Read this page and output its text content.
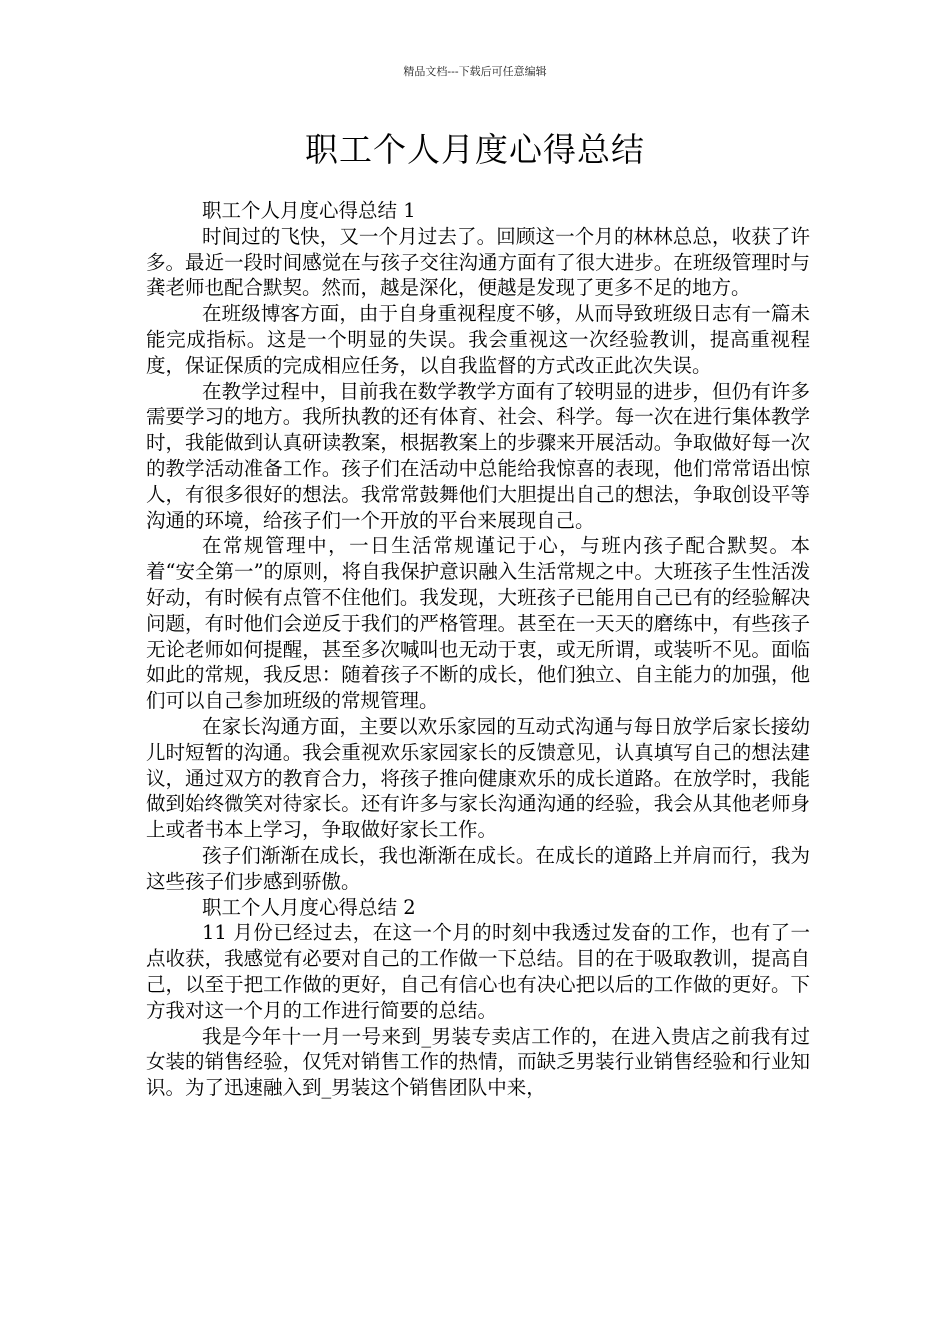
精品文档---下载后可任意编辑
职工个人月度心得总结

职工个人月度心得总结 1

时间过的飞快，又一个月过去了。回顾这一个月的林林总总，收获了许多。最近一段时间感觉在与孩子交往沟通方面有了很大进步。在班级管理时与龚老师也配合默契。然而，越是深化，便越是发现了更多不足的地方。

在班级博客方面，由于自身重视程度不够，从而导致班级日志有一篇未能完成指标。这是一个明显的失误。我会重视这一次经验教训，提高重视程度，保证保质的完成相应任务，以自我监督的方式改正此次失误。

在教学过程中，目前我在数学教学方面有了较明显的进步，但仍有许多需要学习的地方。我所执教的还有体育、社会、科学。每一次在进行集体教学时，我能做到认真研读教案，根据教案上的步骤来开展活动。争取做好每一次的教学活动准备工作。孩子们在活动中总能给我惊喜的表现，他们常常语出惊人，有很多很好的想法。我常常鼓舞他们大胆提出自己的想法，争取创设平等沟通的环境，给孩子们一个开放的平台来展现自己。

在常规管理中，一日生活常规谨记于心，与班内孩子配合默契。本着“安全第一”的原则，将自我保护意识融入生活常规之中。大班孩子生性活泼好动，有时候有点管不住他们。我发现，大班孩子已能用自己已有的经验解决问题，有时他们会逆反于我们的严格管理。甚至在一天天的磨练中，有些孩子无论老师如何提醒，甚至多次喊叫也无动于衷，或无所谓，或装听不见。面临如此的常规，我反思：随着孩子不断的成长，他们独立、自主能力的加强，他们可以自己参加班级的常规管理。

在家长沟通方面，主要以欢乐家园的互动式沟通与每日放学后家长接幼儿时短暂的沟通。我会重视欢乐家园家长的反馈意见，认真填写自己的想法建议，通过双方的教育合力，将孩子推向健康欢乐的成长道路。在放学时，我能做到始终微笑对待家长。还有许多与家长沟通沟通的经验，我会从其他老师身上或者书本上学习，争取做好家长工作。

孩子们渐渐在成长，我也渐渐在成长。在成长的道路上并肩而行，我为这些孩子们步感到骄傲。

职工个人月度心得总结 2

11 月份已经过去，在这一个月的时刻中我透过发奋的工作，也有了一点收获，我感觉有必要对自己的工作做一下总结。目的在于吸取教训，提高自己，以至于把工作做的更好，自己有信心也有决心把以后的工作做的更好。下方我对这一个月的工作进行简要的总结。

我是今年十一月一号来到_男装专卖店工作的，在进入贵店之前我有过女装的销售经验，仅凭对销售工作的热情，而缺乏男装行业销售经验和行业知识。为了迅速融入到_男装这个销售团队中来，
